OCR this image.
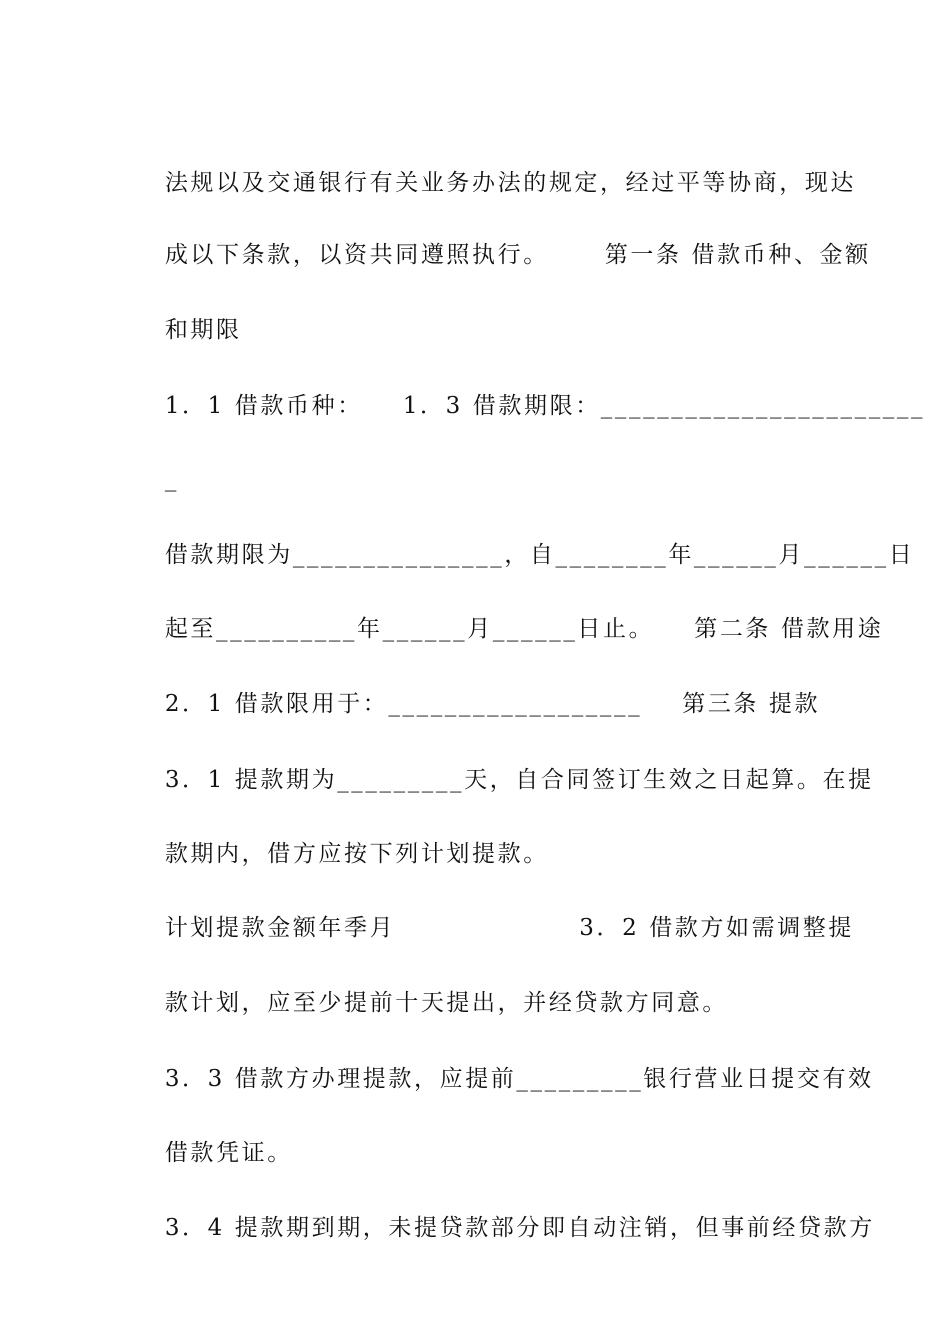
法规以及交通银行有关业务办法的规定，经过平等协商，现达

成以下条款，以资共同遵照执行。 第一条 借款币种、金额

和期限

1．1 借款币种： 1．3 借款期限：_______________________

_

借款期限为_______________，自________年______月______日

起至__________年______月______日止。 第二条 借款用途

2．1 借款限用于：__________________ 第三条 提款

3．1 提款期为_________天，自合同签订生效之日起算。在提

款期内，借方应按下列计划提款。

计划提款金额年季月	3．2 借款方如需调整提

款计划，应至少提前十天提出，并经贷款方同意。

3．3 借款方办理提款，应提前_________银行营业日提交有效

借款凭证。

3．4 提款期到期，未提贷款部分即自动注销，但事前经贷款方
